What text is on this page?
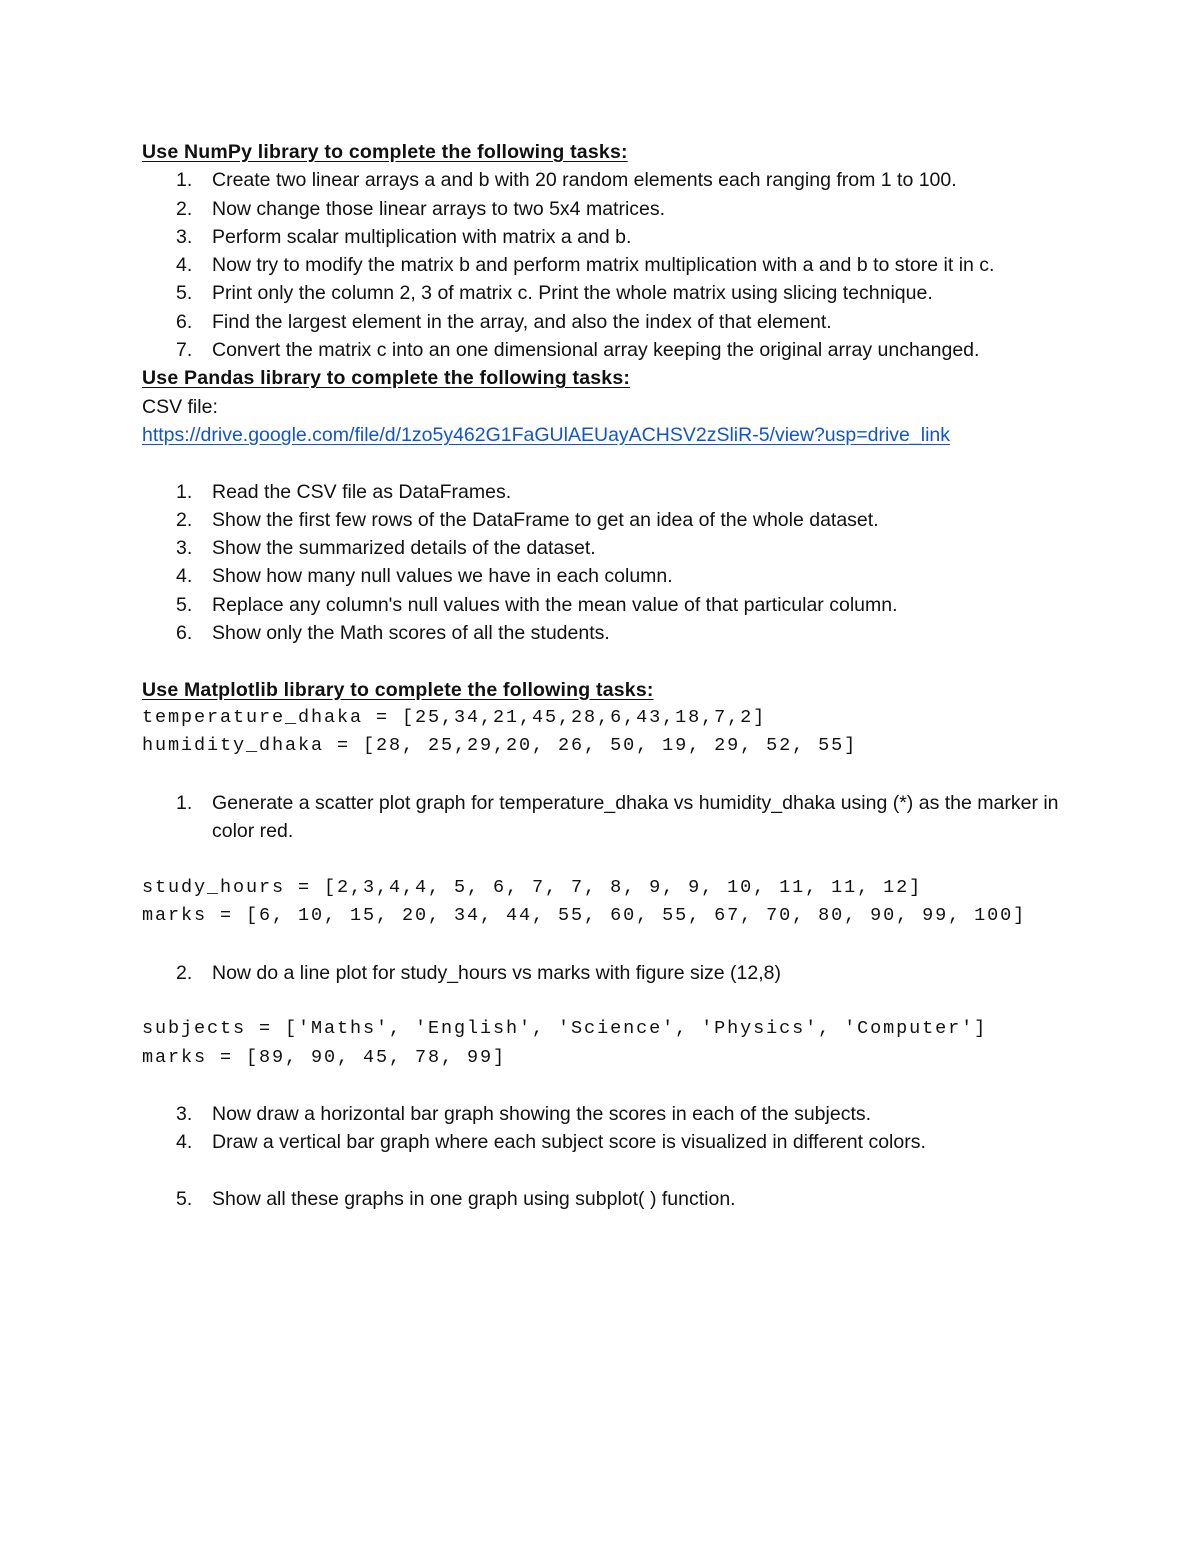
Use NumPy library to complete the following tasks:
1. Create two linear arrays a and b with 20 random elements each ranging from 1 to 100.
2. Now change those linear arrays to two 5x4 matrices.
3. Perform scalar multiplication with matrix a and b.
4. Now try to modify the matrix b and perform matrix multiplication with a and b to store it in c.
5. Print only the column 2, 3 of matrix c. Print the whole matrix using slicing technique.
6. Find the largest element in the array, and also the index of that element.
7. Convert the matrix c into an one dimensional array keeping the original array unchanged.
Use Pandas library to complete the following tasks:
CSV file:
https://drive.google.com/file/d/1zo5y462G1FaGUlAEUayACHSV2zSliR-5/view?usp=drive_link
1. Read the CSV file as DataFrames.
2. Show the first few rows of the DataFrame to get an idea of the whole dataset.
3. Show the summarized details of the dataset.
4. Show how many null values we have in each column.
5. Replace any column's null values with the mean value of that particular column.
6. Show only the Math scores of all the students.
Use Matplotlib library to complete the following tasks:
temperature_dhaka = [25,34,21,45,28,6,43,18,7,2]
humidity_dhaka = [28, 25,29,20, 26, 50, 19, 29, 52, 55]
1. Generate a scatter plot graph for temperature_dhaka vs humidity_dhaka using (*) as the marker in color red.
study_hours = [2,3,4,4, 5, 6, 7, 7, 8, 9, 9, 10, 11, 11, 12]
marks = [6, 10, 15, 20, 34, 44, 55, 60, 55, 67, 70, 80, 90, 99, 100]
2. Now do a line plot for study_hours vs marks with figure size (12,8)
subjects = ['Maths', 'English', 'Science', 'Physics', 'Computer']
marks = [89, 90, 45, 78, 99]
3. Now draw a horizontal bar graph showing the scores in each of the subjects.
4. Draw a vertical bar graph where each subject score is visualized in different colors.
5. Show all these graphs in one graph using subplot( ) function.
